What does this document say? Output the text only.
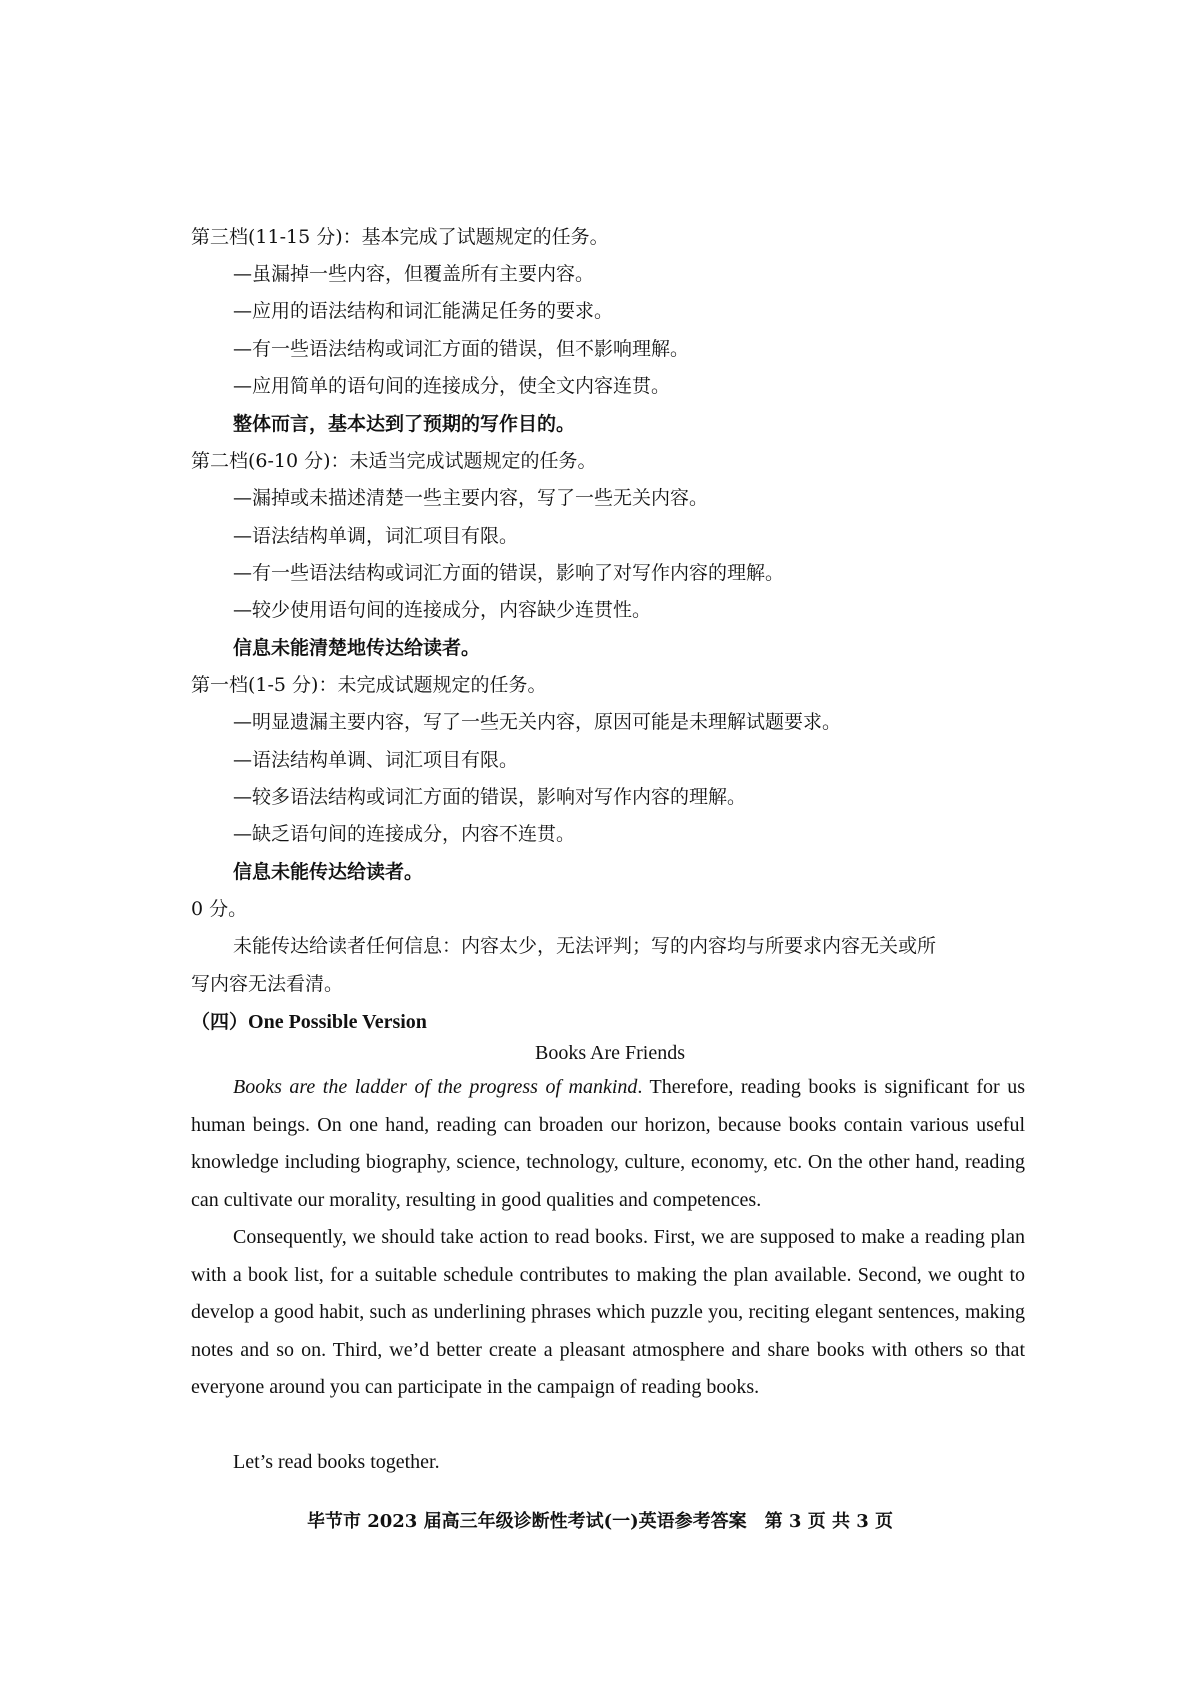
第三档(11-15 分)：基本完成了试题规定的任务。
—虽漏掉一些内容，但覆盖所有主要内容。
—应用的语法结构和词汇能满足任务的要求。
—有一些语法结构或词汇方面的错误，但不影响理解。
—应用简单的语句间的连接成分，使全文内容连贯。
整体而言，基本达到了预期的写作目的。
第二档(6-10 分)：未适当完成试题规定的任务。
—漏掉或未描述清楚一些主要内容，写了一些无关内容。
—语法结构单调，词汇项目有限。
—有一些语法结构或词汇方面的错误，影响了对写作内容的理解。
—较少使用语句间的连接成分，内容缺少连贯性。
信息未能清楚地传达给读者。
第一档(1-5 分)：未完成试题规定的任务。
—明显遗漏主要内容，写了一些无关内容，原因可能是未理解试题要求。
—语法结构单调、词汇项目有限。
—较多语法结构或词汇方面的错误，影响对写作内容的理解。
—缺乏语句间的连接成分，内容不连贯。
信息未能传达给读者。
0 分。
未能传达给读者任何信息：内容太少，无法评判；写的内容均与所要求内容无关或所
写内容无法看清。
（四）One Possible Version
Books Are Friends
Books are the ladder of the progress of mankind. Therefore, reading books is significant for us human beings. On one hand, reading can broaden our horizon, because books contain various useful knowledge including biography, science, technology, culture, economy, etc. On the other hand, reading can cultivate our morality, resulting in good qualities and competences.
Consequently, we should take action to read books. First, we are supposed to make a reading plan with a book list, for a suitable schedule contributes to making the plan available. Second, we ought to develop a good habit, such as underlining phrases which puzzle you, reciting elegant sentences, making notes and so on. Third, we’d better create a pleasant atmosphere and share books with others so that everyone around you can participate in the campaign of reading books.
Let’s read books together.
毕节市 2023 届高三年级诊断性考试(一)英语参考答案　第 3 页 共 3 页
